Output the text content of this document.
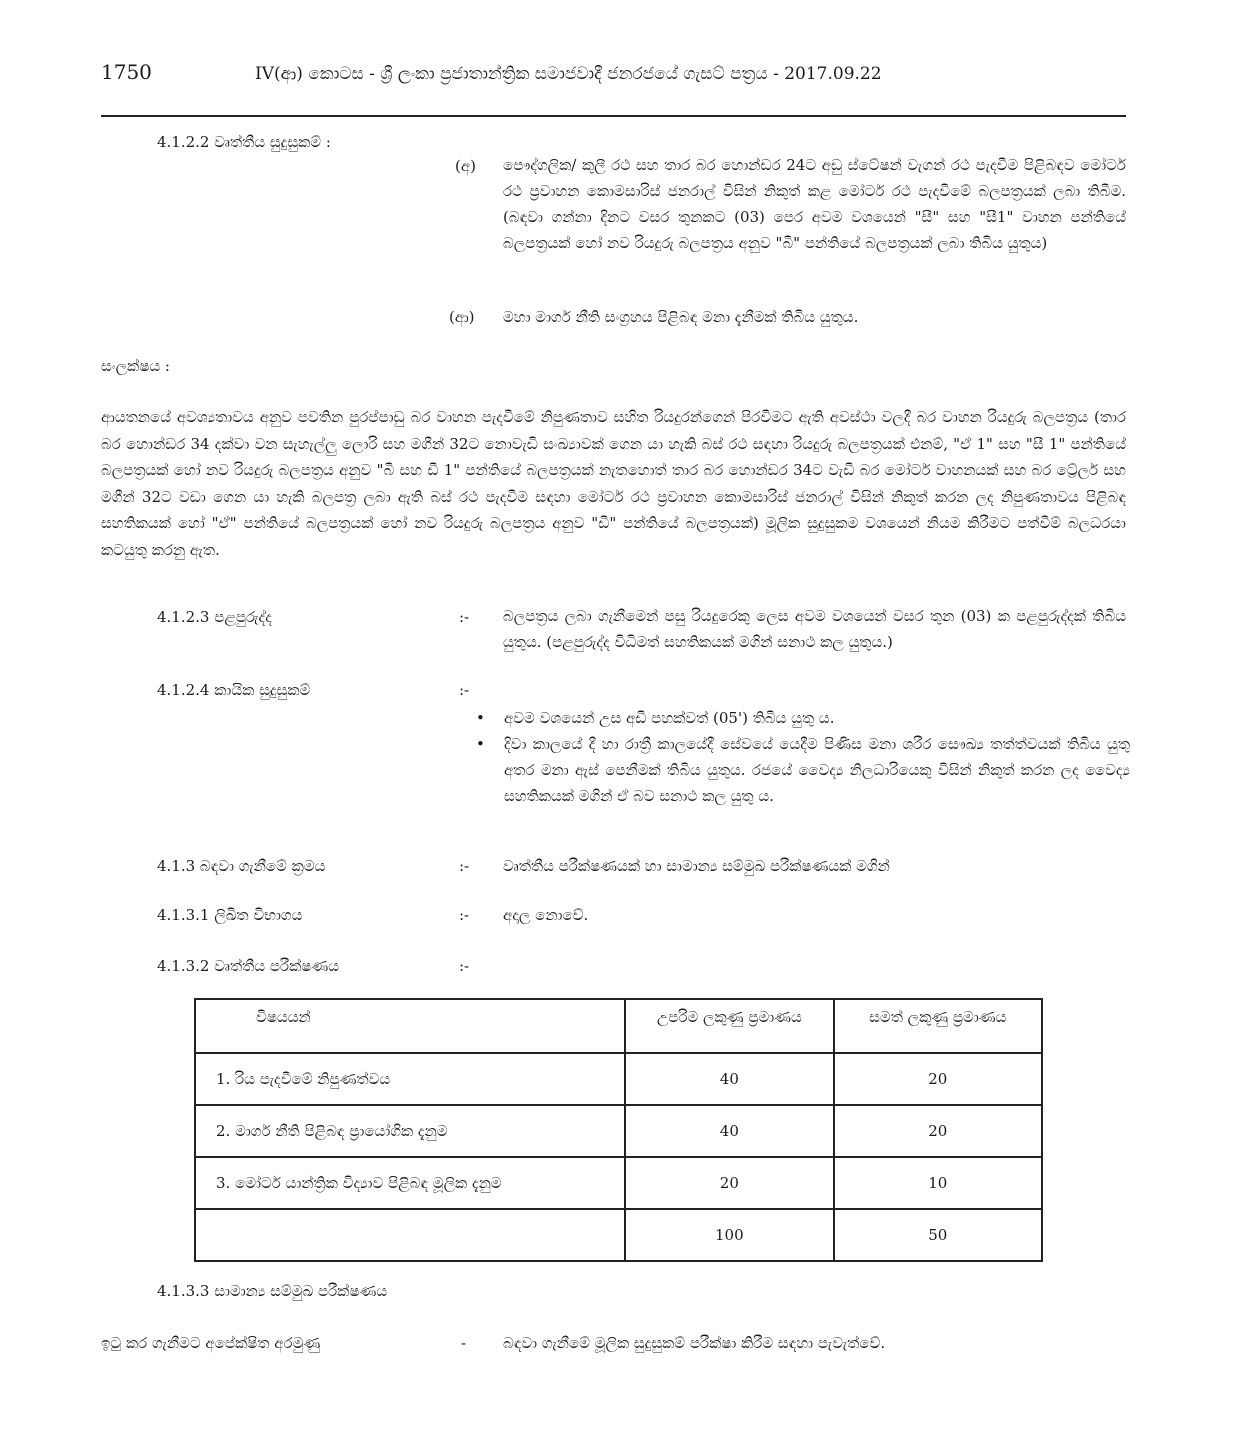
1750	IV(ආ) කොටස - ශ්‍රී ලංකා ප්‍රජාතාන්ත්‍රික සමාජවාදී ජනරජයේ ගැසට් පත්‍රය - 2017.09.22
4.1.2.2 වෘත්තීය සුදුසුකම් :
(අ) පෞද්ගලික/ කුලී රථ සහ තාර බර හොන්ඩර 24ට අඩු ස්ටේෂන් වැගන් රථ පැදවීම පිළිබඳව මෝටර් රථ ප්‍රවාහන කොමසාරිස් ජනරාල් විසින් නිකුත් කළ මෝටර් රථ පැදවීමේ බලපත්‍රයක් ලබා තිබීම. (බඳවා ගන්නා දිනට වසර තුනකට (03) පෙර අවම වශයෙන් "සී" සහ "සී1" වාහන පන්තියේ බලපත්‍රයක් හෝ නව රියදුරු බලපත්‍රය අනුව "බී" පන්තියේ බලපත්‍රයක් ලබා තිබිය යුතුය)
(ආ) මහා මාර්ග නීති සංග්‍රහය පිළිබඳ මනා දැනීමක් තිබිය යුතුය.
සංලක්ෂය :
ආයතනයේ අවශ්‍යතාවය අනුව පවතින පුරප්පාඩු බර වාහන පැදවීමේ නිපුණතාව සහිත රියදුරන්ගෙන් පිරවීමට ඇති අවස්ථා වලදී බර වාහන රියදුරු බලපත්‍රය (තාර බර හොන්ඩර 34 දක්වා වන සැහැල්ලු ලොරි සහ මගීන් 32ට නොවැඩි සංඛ්‍යාවක් ගෙන යා හැකි බස් රථ සඳහා රියදුරු බලපත්‍රයක් එනම්, "ඒ 1" සහ "සී 1" පන්තියේ බලපත්‍රයක් හෝ නව රියදුරු බලපත්‍රය අනුව "බී සහ ඩී 1" පන්තියේ බලපත්‍රයක් නැතහොත් තාර බර හොන්ඩර 34ට වැඩි බර මෝටර් වාහනයක් සහ බර ට්‍රේලර් සහ මගීන් 32ට වඩා ගෙන යා හැකි බලපත්‍ර ලබා ඇති බස් රථ පැදවීම සඳහා මෝටර් රථ ප්‍රවාහන කොමසාරිස් ජනරාල් විසින් නිකුත් කරන ලද නිපුණතාවය පිළිබඳ සහතිකයක් හෝ "ඒ" පන්තියේ බලපත්‍රයක් හෝ නව රියදුරු බලපත්‍රය අනුව "ඩී" පන්තියේ බලපත්‍රයක්) මූලික සුදුසුකම වශයෙන් නියම කිරීමට පත්වීම් බලධරයා කටයුතු කරනු ඇත.
4.1.2.3 පළපුරුද්ද	:- බලපත්‍රය ලබා ගැනීමෙන් පසු රියදුරෙකු ලෙස අවම වශයෙන් වසර තුන (03) ක පළපුරුද්දක් තිබිය යුතුය. (පළපුරුද්ද විධිමත් සහතිකයක් මගින් සනාථ කල යුතුය.)
4.1.2.4 කායික සුදුසුකම්	:-
• අවම වශයෙන් උස අඩි පහක්වත් (05') තිබිය යුතු ය.
• දිවා කාලයේ දී හා රාත්‍රී කාලයේදී සේවයේ යෙදීම පිණිස මනා ශරීර සෞඛ්‍ය තත්ත්වයක් තිබිය යුතු අතර මනා ඇස් පෙනීමක් තිබිය යුතුය. රජයේ වෛද්‍ය නිලධාරියෙකු විසින් නිකුත් කරන ලද වෛද්‍ය සහතිකයක් මගින් ඒ බව සනාථ කල යුතු ය.
4.1.3 බඳවා ගැනීමේ ක්‍රමය	:- වෘත්තීය පරීක්ෂණයක් හා සාමාන්‍ය සම්මුඛ පරීක්ෂණයක් මගින්
4.1.3.1 ලිඛිත විභාගය	:- අදාල නොවේ.
4.1.3.2 වෘත්තීය පරීක්ෂණය	:-
විෂයයන්	උපරිම ලකුණු ප්‍රමාණය	සමත් ලකුණු ප්‍රමාණය
1. රිය පැදවීමේ නිපුණත්වය	40	20
2. මාර්ග නීති පිළිබඳ ප්‍රායෝගික දැනුම	40	20
3. මෝටර් යාන්ත්‍රික විද්‍යාව පිළිබඳ මූලික දැනුම	20	10
	100	50
4.1.3.3 සාමාන්‍ය සම්මුඛ පරීක්ෂණය
ඉටු කර ගැනීමට අපේක්ෂිත අරමුණු	- බඳවා ගැනීමේ මූලික සුදුසුකම් පරීක්ෂා කිරීම සඳහා පැවැත්වේ.
